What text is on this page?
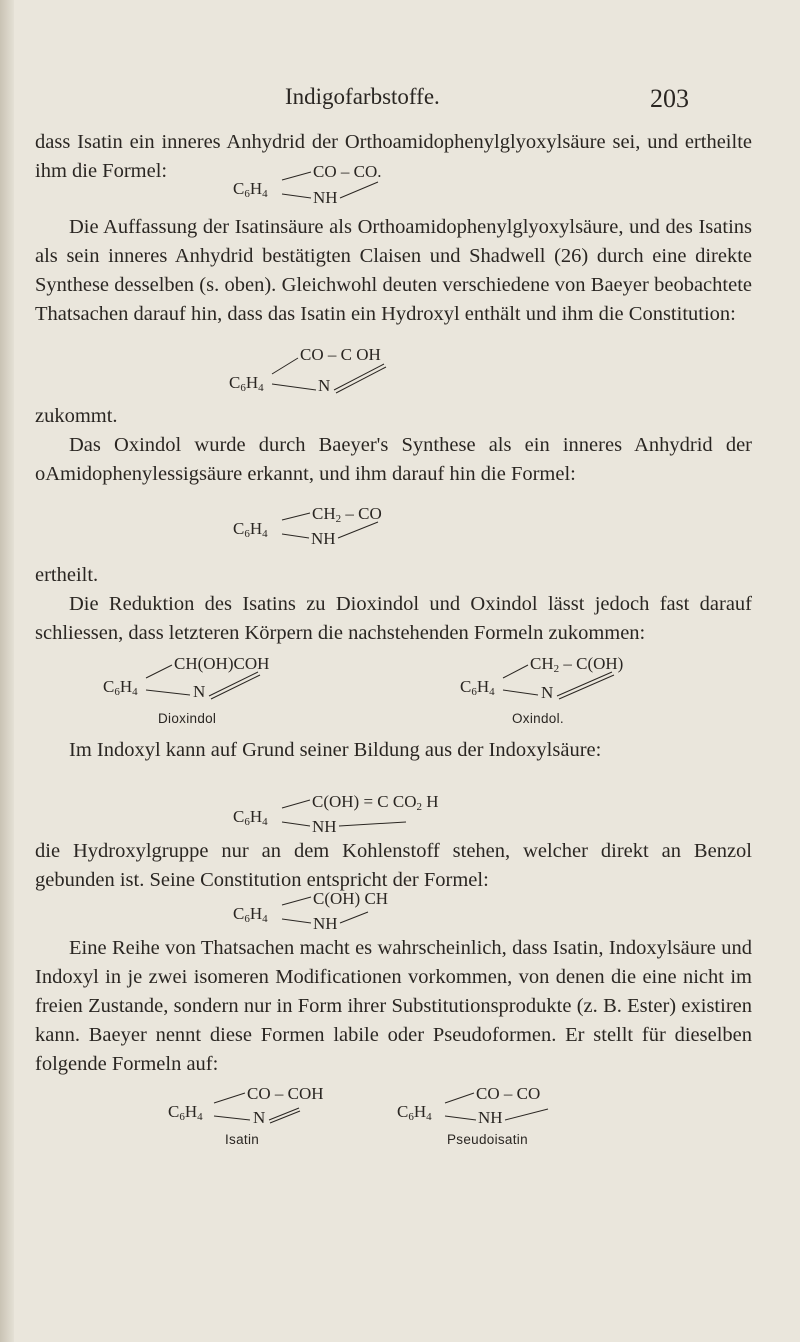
Indigofarbstoffe.	203
dass Isatin ein inneres Anhydrid der Orthoamidophenylglyoxylsäure sei, und ertheilte ihm die Formel:
$C_6H_4$
CO – CO.
NH
Die Auffassung der Isatinsäure als Orthoamidophenylglyoxylsäure, und des Isatins als sein inneres Anhydrid bestätigten Claisen und Shadwell (26) durch eine direkte Synthese desselben (s. oben). Gleichwohl deuten verschiedene von Baeyer beobachtete Thatsachen darauf hin, dass das Isatin ein Hydroxyl enthält und ihm die Constitution:
$C_6H_4$
CO – C OH
N
zukommt.
Das Oxindol wurde durch Baeyer's Synthese als ein inneres Anhydrid der oAmidophenylessigsäure erkannt, und ihm darauf hin die Formel:
$C_6H_4$
$CH_2$ – CO
NH
ertheilt.
Die Reduktion des Isatins zu Dioxindol und Oxindol lässt jedoch fast darauf schliessen, dass letzteren Körpern die nachstehenden Formeln zukommen:
$C_6H_4$
CH(OH)COH
N
Dioxindol
$C_6H_4$
$CH_2 - C(OH)$
N
Oxindol.
Im Indoxyl kann auf Grund seiner Bildung aus der Indoxylsäure:
$C_6H_4$
C(OH) = C $CO_2$ H
NH
die Hydroxylgruppe nur an dem Kohlenstoff stehen, welcher direkt an Benzol gebunden ist. Seine Constitution entspricht der Formel:
$C_6H_4$
C(OH) CH
NH
Eine Reihe von Thatsachen macht es wahrscheinlich, dass Isatin, Indoxylsäure und Indoxyl in je zwei isomeren Modificationen vorkommen, von denen die eine nicht im freien Zustande, sondern nur in Form ihrer Substitutionsprodukte (z. B. Ester) existiren kann. Baeyer nennt diese Formen labile oder Pseudoformen. Er stellt für dieselben folgende Formeln auf:
$C_6H_4$
CO – COH
N
Isatin
$C_6H_4$
CO – CO
NH
Pseudoisatin
